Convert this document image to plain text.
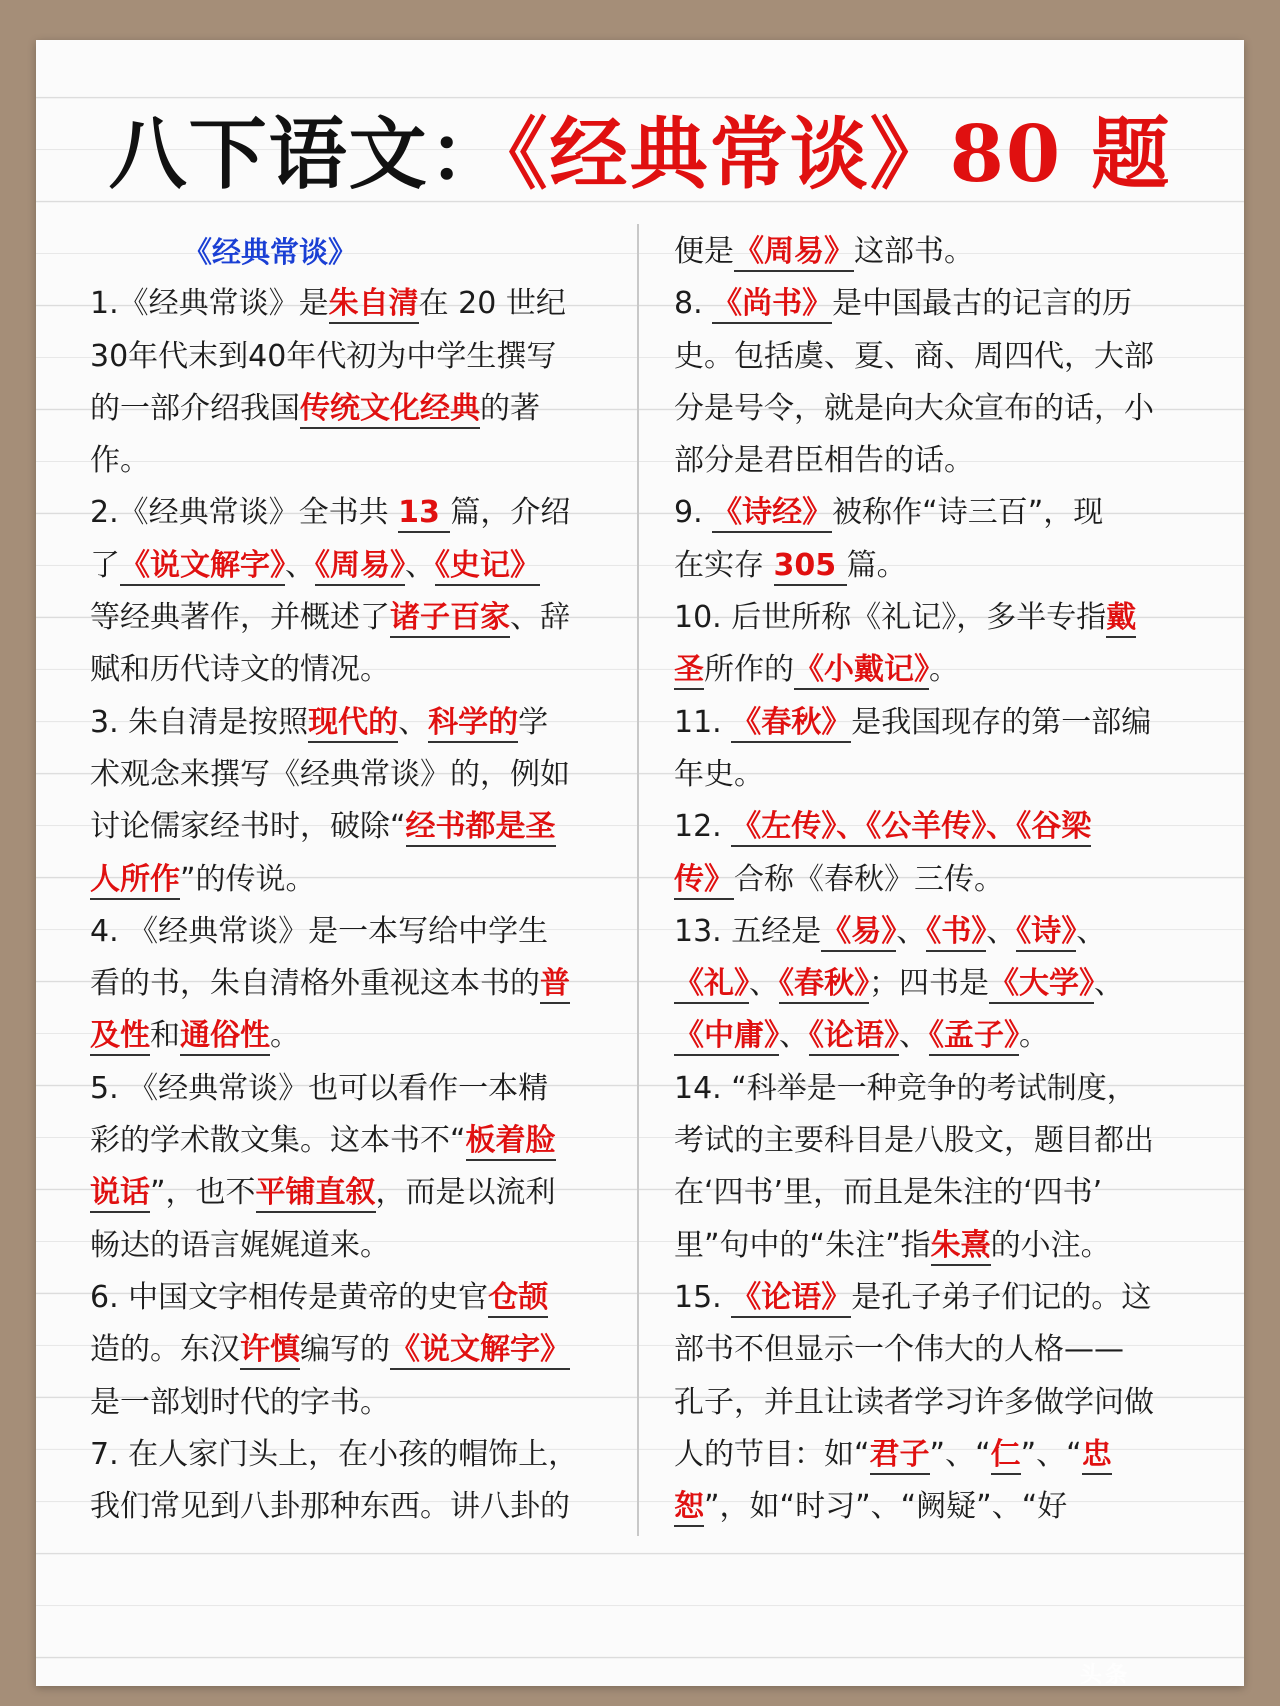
八下语文：《经典常谈》80 题
《经典常谈》
1.《经典常谈》是朱自清在 20 世纪
30年代末到40年代初为中学生撰写
的一部介绍我国传统文化经典的著
作。
2.《经典常谈》全书共 13 篇，介绍
了《说文解字》、《周易》、《史记》
等经典著作，并概述了诸子百家、辞
赋和历代诗文的情况。
3. 朱自清是按照现代的、科学的学
术观念来撰写《经典常谈》的，例如
讨论儒家经书时，破除“经书都是圣
人所作”的传说。
4. 《经典常谈》是一本写给中学生
看的书，朱自清格外重视这本书的普
及性和通俗性。
5. 《经典常谈》也可以看作一本精
彩的学术散文集。这本书不“板着脸
说话”，也不平铺直叙，而是以流利
畅达的语言娓娓道来。
6. 中国文字相传是黄帝的史官仓颉
造的。东汉许慎编写的《说文解字》
是一部划时代的字书。
7. 在人家门头上，在小孩的帽饰上，
我们常见到八卦那种东西。讲八卦的
便是《周易》这部书。
8. 《尚书》是中国最古的记言的历
史。包括虞、夏、商、周四代，大部
分是号令，就是向大众宣布的话，小
部分是君臣相告的话。
9. 《诗经》被称作“诗三百”，现
在实存 305 篇。
10. 后世所称《礼记》，多半专指戴
圣所作的《小戴记》。
11. 《春秋》是我国现存的第一部编
年史。
12. 《左传》、《公羊传》、《谷梁
传》合称《春秋》三传。
13. 五经是《易》、《书》、《诗》、
《礼》、《春秋》；四书是《大学》、
《中庸》、《论语》、《孟子》。
14. “科举是一种竞争的考试制度，
考试的主要科目是八股文，题目都出
在‘四书’里，而且是朱注的‘四书’
里”句中的“朱注”指朱熹的小注。
15. 《论语》是孔子弟子们记的。这
部书不但显示一个伟大的人格——
孔子，并且让读者学习许多做学问做
人的节目：如“君子”、“仁”、“忠
恕”，如“时习”、“阙疑”、“好
头条
